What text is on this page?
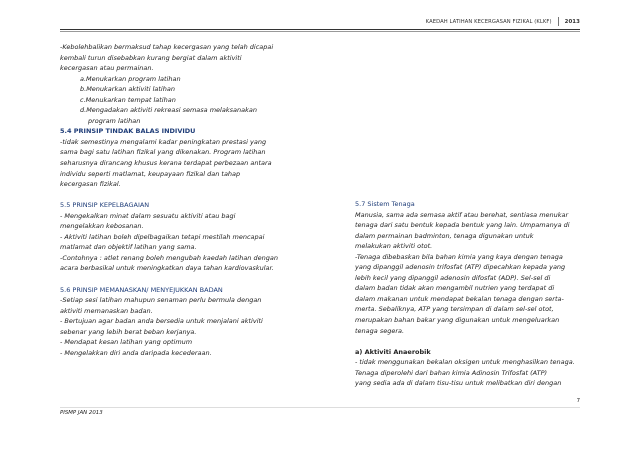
KAEDAH LATIHAN KECERGASAN FIZIKAL (KLKF) 2013

-Kebolehbalikan bermaksud tahap kecergasan yang telah dicapai

kembali turun disebabkan kurang bergiat dalam aktiviti

kecergasan atau permainan.

a.Menukarkan program latihan

b.Menukarkan aktiviti latihan

c.Menukarkan tempat latihan

d.Mengadakan aktiviti rekreasi semasa melaksanakan

program latihan

5.4 PRINSIP TINDAK BALAS INDIVIDU

-tidak semestinya mengalami kadar peningkatan prestasi yang

sama bagi satu latihan fizikal yang dikenakan. Program latihan

seharusnya dirancang khusus kerana terdapat perbezaan antara

individu seperti matlamat, keupayaan fizikal dan tahap

kecergasan fizikal.

5.5 PRINSIP KEPELBAGAIAN

- Mengekalkan minat dalam sesuatu aktiviti atau bagi

mengelakkan kebosanan.

- Aktiviti latihan boleh dipelbagaikan tetapi mestilah mencapai

matlamat dan objektif latihan yang sama.

-Contohnya : atlet renang boleh mengubah kaedah latihan dengan

acara berbasikal untuk meningkatkan daya tahan kardiovaskular.

5.6 PRINSIP MEMANASKAN/ MENYEJUKKAN BADAN

-Setiap sesi latihan mahupun senaman perlu bermula dengan

aktiviti memanaskan badan.

- Bertujuan agar badan anda bersedia untuk menjalani aktiviti

sebenar yang lebih berat beban kerjanya.

- Mendapat kesan latihan yang optimum

- Mengelakkan diri anda daripada kecederaan.

5.7 Sistem Tenaga

Manusia, sama ada semasa aktif atau berehat, sentiasa menukar

tenaga dari satu bentuk kepada bentuk yang lain. Umpamanya di

dalam permainan badminton, tenaga digunakan untuk

melakukan aktiviti otot.

-Tenaga dibebaskan bila bahan kimia yang kaya dengan tenaga

yang dipanggil adenosin trifosfat (ATP) dipecahkan kepada yang

lebih kecil yang dipanggil adenosin difosfat (ADP). Sel-sel di

dalam badan tidak akan mengambil nutrien yang terdapat di

dalam makanan untuk mendapat bekalan tenaga dengan serta-

merta. Sebaliknya, ATP yang tersimpan di dalam sel-sel otot,

merupakan bahan bakar yang digunakan untuk mengeluarkan

tenaga segera.

a) Aktiviti Anaerobik

- tidak menggunakan bekalan oksigen untuk menghasilkan tenaga.

Tenaga diperolehi dari bahan kimia Adinosin Trifosfat (ATP)

yang sedia ada di dalam tisu-tisu untuk melibatkan diri dengan

7
PISMP JAN 2013
